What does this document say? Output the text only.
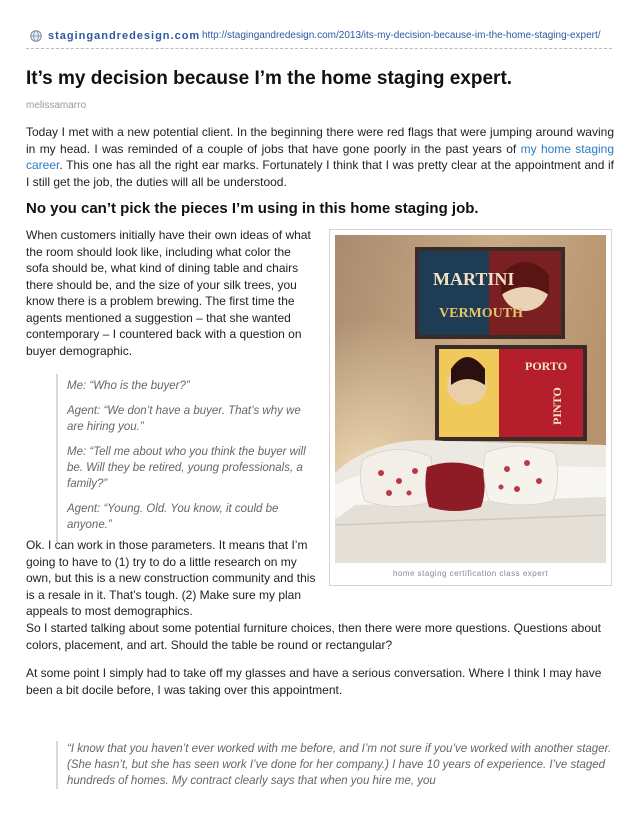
stagingandredesign.com http://stagingandredesign.com/2013/its-my-decision-because-im-the-home-staging-expert/
It’s my decision because I’m the home staging expert.
melissamarro

Today I met with a new potential client. In the beginning there were red flags that were jumping around waving in my head. I was reminded of a couple of jobs that have gone poorly in the past years of my home staging career. This one has all the right ear marks. Fortunately I think that I was pretty clear at the appointment and if I still get the job, the duties will all be understood.

No you can’t pick the pieces I’m using in this home staging job.

When customers initially have their own ideas of what the room should look like, including what color the sofa should be, what kind of dining table and chairs there should be, and the size of your silk trees, you know there is a problem brewing. The first time the agents mentioned a suggestion – that she wanted contemporary – I countered back with a question on buyer demographic.

Me: “Who is the buyer?”

Agent: “We don’t have a buyer. That’s why we are hiring you.”

Me: “Tell me about who you think the buyer will be. Will they be retired, young professionals, a family?”

Agent: “Young. Old. You know, it could be anyone.”

Ok. I can work in those parameters. It means that I’m going to have to (1) try to do a little research on my own, but this is a new construction community and this is a resale in it. That’s tough. (2) Make sure my plan appeals to most demographics.

MARTINI
VERMOUTH
PORTO
PINTO
home staging certification class expert

So I started talking about some potential furniture choices, then there were more questions. Questions about colors, placement, and art. Should the table be round or rectangular?

At some point I simply had to take off my glasses and have a serious conversation. Where I think I may have been a bit docile before, I was taking over this appointment.

“I know that you haven’t ever worked with me before, and I’m not sure if you’ve worked with another stager. (She hasn’t, but she has seen work I’ve done for her company.) I have 10 years of experience. I’ve staged hundreds of homes. My contract clearly says that when you hire me, you
